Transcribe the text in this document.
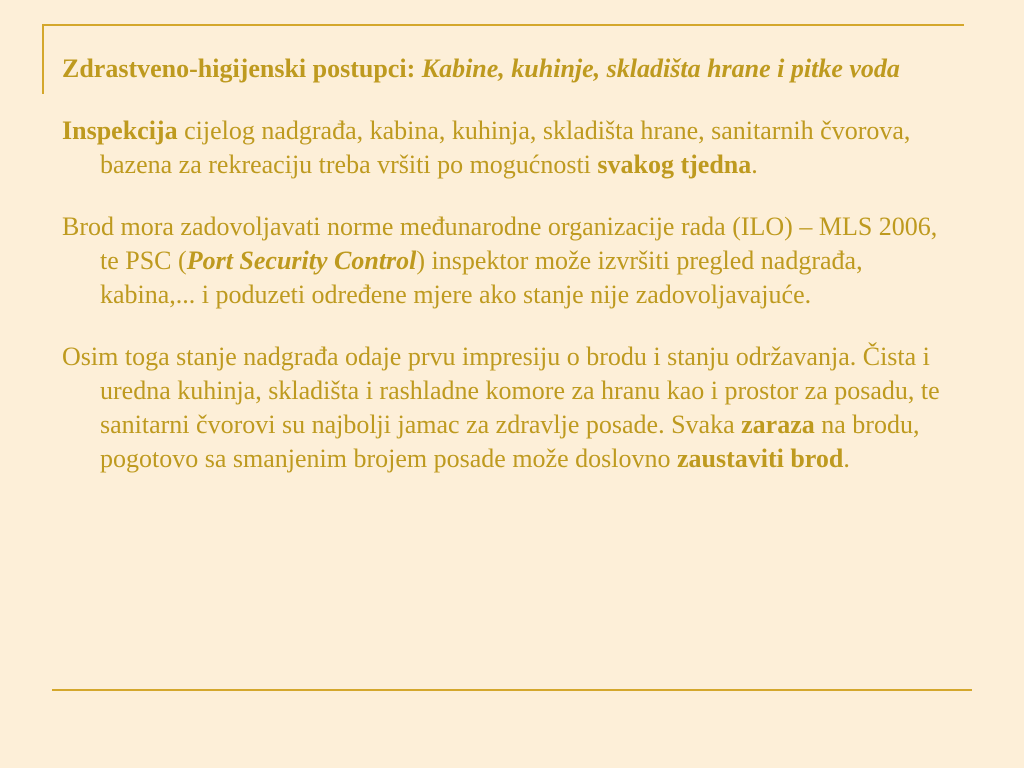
Zdrastveno-higijenski postupci: Kabine, kuhinje, skladišta hrane i pitke voda

Inspekcija cijelog nadgrađa, kabina, kuhinja, skladišta hrane, sanitarnih čvorova, bazena za rekreaciju treba vršiti po mogućnosti svakog tjedna.

Brod mora zadovoljavati norme međunarodne organizacije rada (ILO) – MLS 2006, te PSC (Port Security Control) inspektor može izvršiti pregled nadgrađa, kabina,... i poduzeti određene mjere ako stanje nije zadovoljavajuće.

Osim toga stanje nadgrađa odaje prvu impresiju o brodu i stanju održavanja. Čista i uredna kuhinja, skladišta i rashladne komore za hranu kao i prostor za posadu, te sanitarni čvorovi su najbolji jamac za zdravlje posade. Svaka zaraza na brodu, pogotovo sa smanjenim brojem posade može doslovno zaustaviti brod.
